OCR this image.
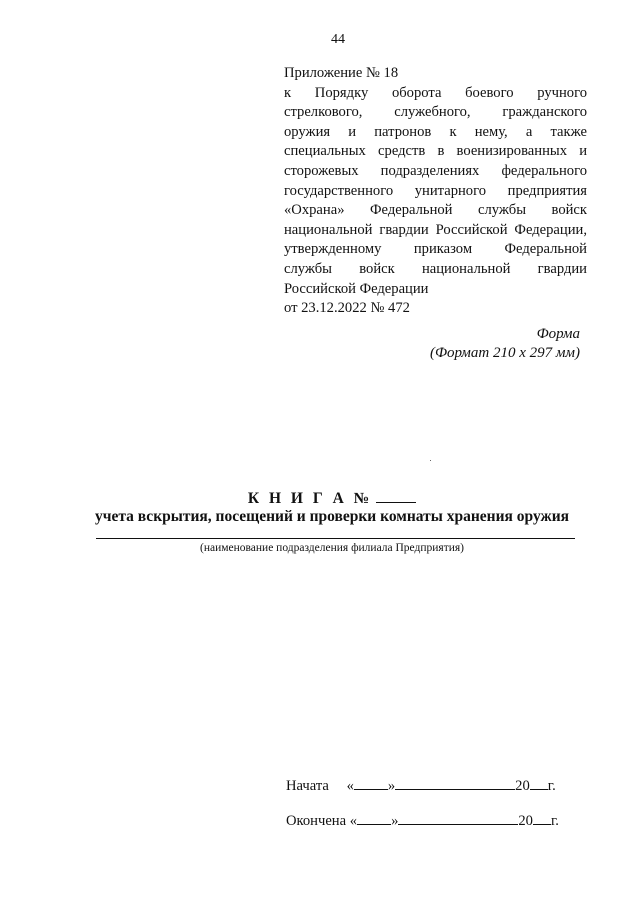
44
Приложение № 18
к Порядку оборота боевого ручного
стрелкового, служебного, гражданского
оружия и патронов к нему, а также
специальных средств в военизированных и
сторожевых подразделениях федерального
государственного унитарного предприятия
«Охрана» Федеральной службы войск
национальной гвардии Российской Федерации,
утвержденному приказом Федеральной
службы войск национальной гвардии
Российской Федерации
от 23.12.2022 № 472
Форма
(Формат 210 х 297 мм)
К Н И Г А №
учета вскрытия, посещений и проверки комнаты хранения оружия
(наименование подразделения филиала Предприятия)
Начата « »	20 г.
Окончена « »	20 г.
